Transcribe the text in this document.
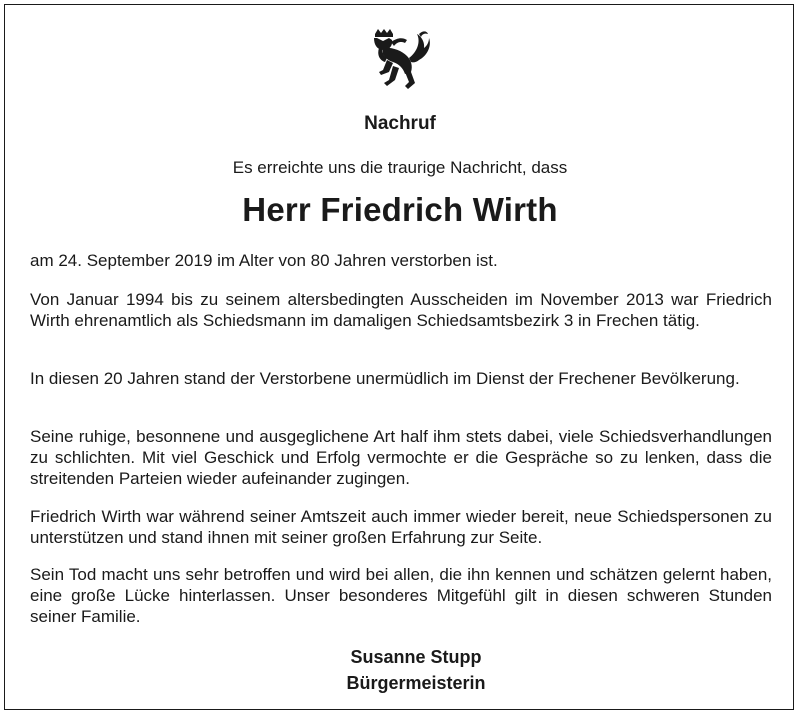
Nachruf
Es erreichte uns die traurige Nachricht, dass
Herr Friedrich Wirth
am 24. September 2019 im Alter von 80 Jahren verstorben ist.
Von Januar 1994 bis zu seinem altersbedingten Ausscheiden im November 2013 war Friedrich Wirth ehrenamtlich als Schiedsmann im damaligen Schiedsamtsbezirk 3 in Frechen tätig.
In diesen 20 Jahren stand der Verstorbene unermüdlich im Dienst der Frechener Bevölkerung.
Seine ruhige, besonnene und ausgeglichene Art half ihm stets dabei, viele Schiedsverhandlungen zu schlichten. Mit viel Geschick und Erfolg vermochte er die Gespräche so zu lenken, dass die streitenden Parteien wieder aufeinander zugingen.
Friedrich Wirth war während seiner Amtszeit auch immer wieder bereit, neue Schiedspersonen zu unterstützen und stand ihnen mit seiner großen Erfahrung zur Seite.
Sein Tod macht uns sehr betroffen und wird bei allen, die ihn kennen und schätzen gelernt haben, eine große Lücke hinterlassen. Unser besonderes Mitgefühl gilt in diesen schweren Stunden seiner Familie.
Susanne Stupp
Bürgermeisterin
